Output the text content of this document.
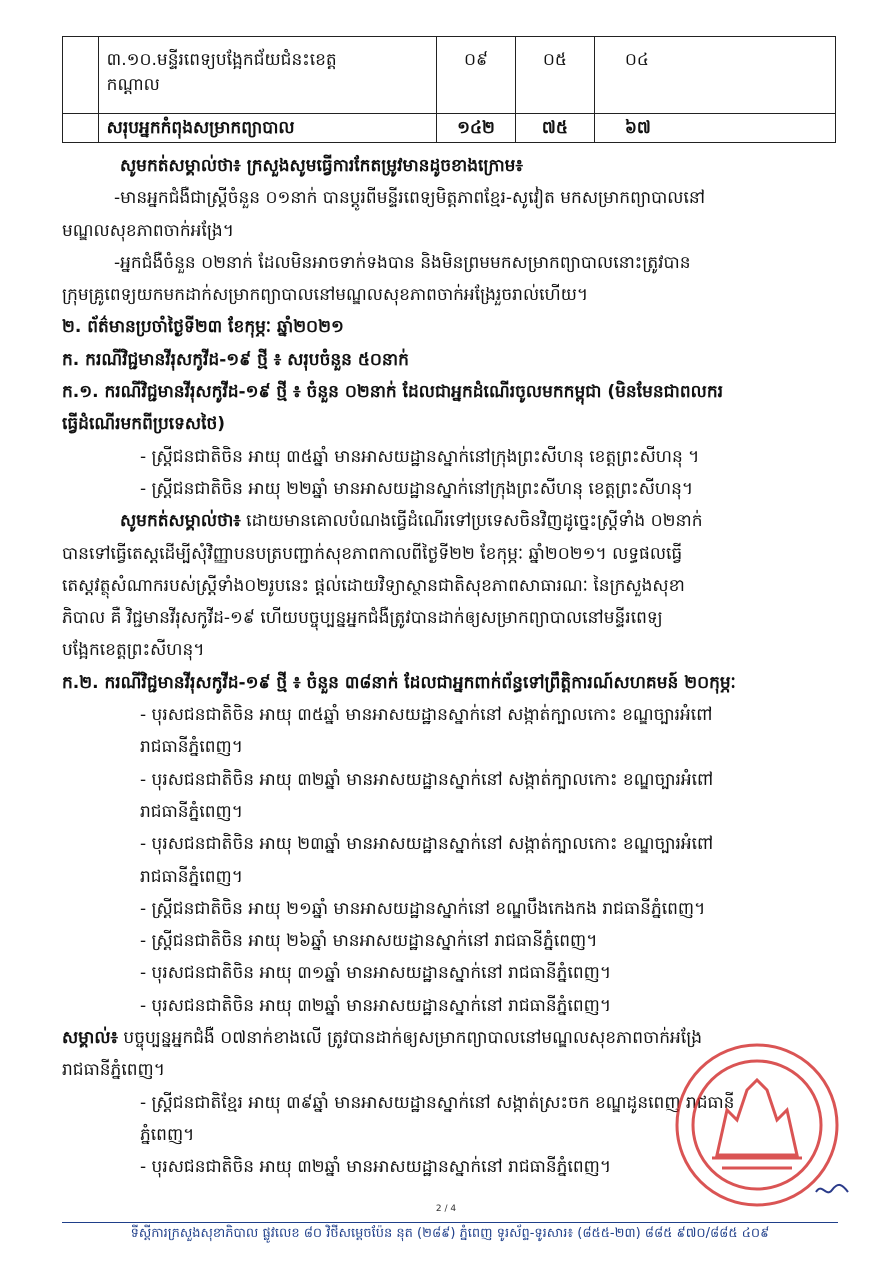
	៣.១០.មន្ទីរពេទ្យបង្អែកជ័យជំនះខេត្ត
កណ្ដាល	០៩	០៥	០៤
	សរុបអ្នកកំពុងសម្រាកព្យាបាល	១៤២	៧៥	៦៧

សូមកត់សម្គាល់ថា៖ ក្រសួងសូមធ្វើការកែតម្រូវមានដូចខាងក្រោម៖

-មានអ្នកជំងឺជាស្ត្រីចំនួន ០១នាក់ បានប្តូរពីមន្ទីរពេទ្យមិត្តភាពខ្មែរ-សូវៀត មកសម្រាកព្យាបាលនៅ

មណ្ឌលសុខភាពចាក់អង្រែ។

-អ្នកជំងឺចំនួន ០២នាក់ ដែលមិនអាចទាក់ទងបាន និងមិនព្រមមកសម្រាកព្យាបាលនោះត្រូវបាន

ក្រុមគ្រូពេទ្យយកមកដាក់សម្រាកព្យាបាលនៅមណ្ឌលសុខភាពចាក់អង្រែរួចរាល់ហើយ។

២. ព័ត៌មានប្រចាំថ្ងៃទី២៣ ខែកុម្ភៈ ឆ្នាំ២០២១

ក. ករណីវិជ្ជមានវីរុសកូវីដ-១៩ ថ្មី ៖ សរុបចំនួន ៥០នាក់

ក.១. ករណីវិជ្ជមានវីរុសកូវីដ-១៩ ថ្មី ៖ ចំនួន ០២នាក់ ដែលជាអ្នកដំណើរចូលមកកម្ពុជា (មិនមែនជាពលករ

ធ្វើដំណើរមកពីប្រទេសថៃ)

- ស្ត្រីជនជាតិចិន អាយុ ៣៥ឆ្នាំ មានអាសយដ្ឋានស្នាក់នៅក្រុងព្រះសីហនុ ខេត្តព្រះសីហនុ ។

- ស្ត្រីជនជាតិចិន អាយុ ២២ឆ្នាំ មានអាសយដ្ឋានស្នាក់នៅក្រុងព្រះសីហនុ ខេត្តព្រះសីហនុ។

សូមកត់សម្គាល់ថា៖ ដោយមានគោលបំណងធ្វើដំណើរទៅប្រទេសចិនវិញដូច្នេះស្ត្រីទាំង ០២នាក់

បានទៅធ្វើតេស្តដើម្បីសុំវិញ្ញាបនបត្របញ្ជាក់សុខភាពកាលពីថ្ងៃទី២២ ខែកុម្ភៈ ឆ្នាំ២០២១។ លទ្ធផលធ្វើ

តេស្តវត្ថុសំណាករបស់ស្ត្រីទាំង០២រូបនេះ ផ្តល់ដោយវិទ្យាស្ថានជាតិសុខភាពសាធារណៈ នៃក្រសួងសុខា

ភិបាល គឺ វិជ្ជមានវីរុសកូវីដ-១៩ ហើយបច្ចុប្បន្នអ្នកជំងឺត្រូវបានដាក់ឲ្យសម្រាកព្យាបាលនៅមន្ទីរពេទ្យ

បង្អែកខេត្តព្រះសីហនុ។

ក.២. ករណីវិជ្ជមានវីរុសកូវីដ-១៩ ថ្មី ៖ ចំនួន ៣៨នាក់ ដែលជាអ្នកពាក់ព័ន្ធទៅព្រឹត្តិការណ៍សហគមន៍ ២០កុម្ភៈ

- បុរសជនជាតិចិន អាយុ ៣៥ឆ្នាំ មានអាសយដ្ឋានស្នាក់នៅ សង្កាត់ក្បាលកោះ ខណ្ឌច្បារអំពៅ

រាជធានីភ្នំពេញ។

- បុរសជនជាតិចិន អាយុ ៣២ឆ្នាំ មានអាសយដ្ឋានស្នាក់នៅ សង្កាត់ក្បាលកោះ ខណ្ឌច្បារអំពៅ

រាជធានីភ្នំពេញ។

- បុរសជនជាតិចិន អាយុ ២៣ឆ្នាំ មានអាសយដ្ឋានស្នាក់នៅ សង្កាត់ក្បាលកោះ ខណ្ឌច្បារអំពៅ

រាជធានីភ្នំពេញ។

- ស្ត្រីជនជាតិចិន អាយុ ២១ឆ្នាំ មានអាសយដ្ឋានស្នាក់នៅ ខណ្ឌបឹងកេងកង រាជធានីភ្នំពេញ។

- ស្ត្រីជនជាតិចិន អាយុ ២៦ឆ្នាំ មានអាសយដ្ឋានស្នាក់នៅ រាជធានីភ្នំពេញ។

- បុរសជនជាតិចិន អាយុ ៣១ឆ្នាំ មានអាសយដ្ឋានស្នាក់នៅ រាជធានីភ្នំពេញ។

- បុរសជនជាតិចិន អាយុ ៣២ឆ្នាំ មានអាសយដ្ឋានស្នាក់នៅ រាជធានីភ្នំពេញ។

សម្គាល់៖ បច្ចុប្បន្នអ្នកជំងឺ ០៧នាក់ខាងលើ ត្រូវបានដាក់ឲ្យសម្រាកព្យាបាលនៅមណ្ឌលសុខភាពចាក់អង្រែ

រាជធានីភ្នំពេញ។

- ស្ត្រីជនជាតិខ្មែរ អាយុ ៣៩ឆ្នាំ មានអាសយដ្ឋានស្នាក់នៅ សង្កាត់ស្រះចក ខណ្ឌដូនពេញ រាជធានី

ភ្នំពេញ។

- បុរសជនជាតិចិន អាយុ ៣២ឆ្នាំ មានអាសយដ្ឋានស្នាក់នៅ រាជធានីភ្នំពេញ។

2 / 4
ទីស្តីការក្រសួងសុខាភិបាល ផ្លូវលេខ ៨០ វិថីសម្តេចប៉ែន នុត (២៨៩) ភ្នំពេញ ទូរស័ព្ទ-ទូរសារ៖ (៨៥៥-២៣) ៨៨៥ ៩៧០/៨៨៥ ៤០៩
